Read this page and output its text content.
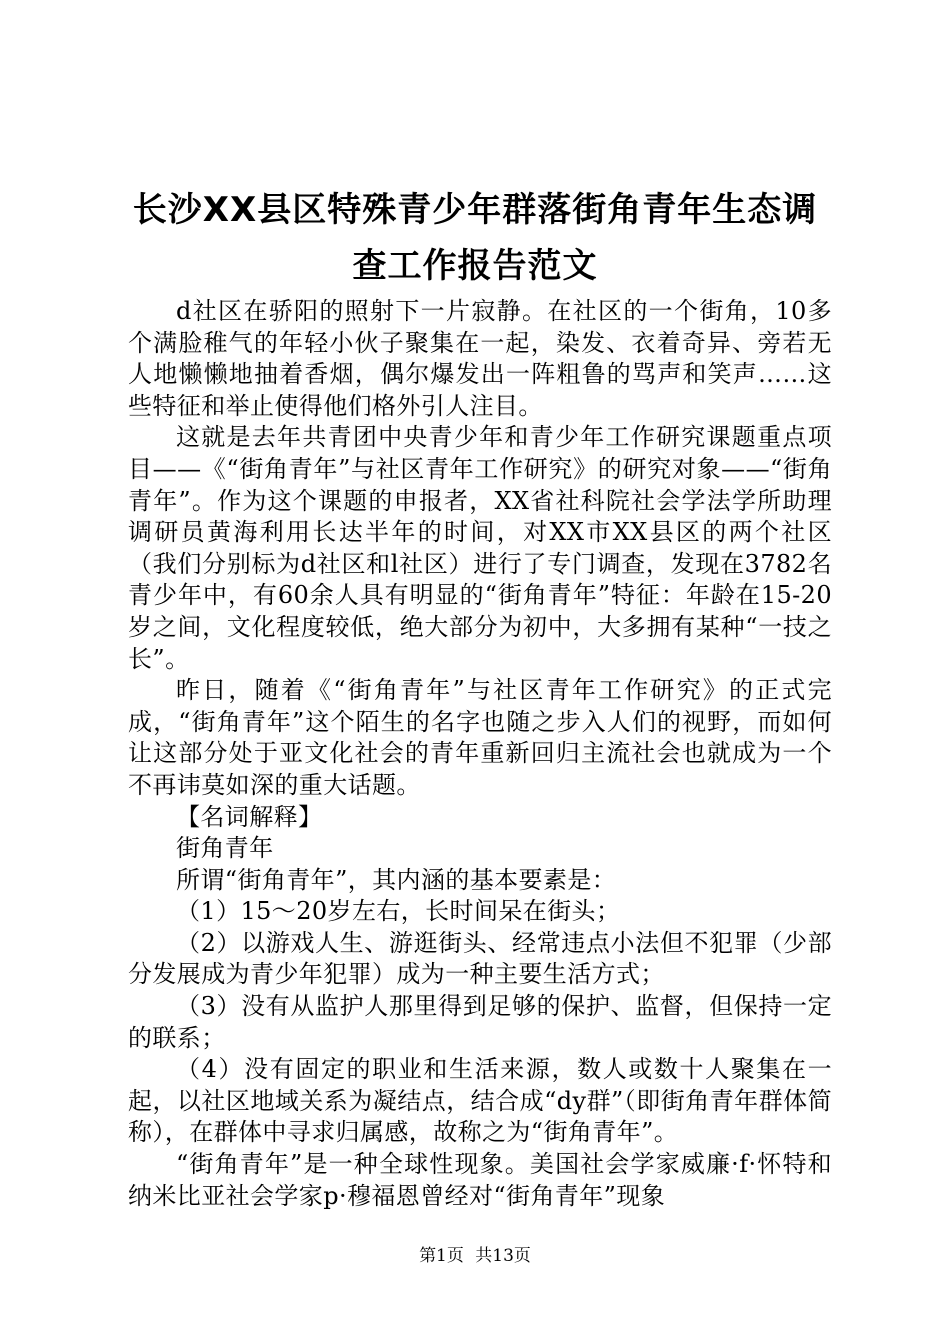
长沙XX县区特殊青少年群落街角青年生态调
查工作报告范文

d社区在骄阳的照射下一片寂静。在社区的一个街角，10多个满脸稚气的年轻小伙子聚集在一起，染发、衣着奇异、旁若无人地懒懒地抽着香烟，偶尔爆发出一阵粗鲁的骂声和笑声……这些特征和举止使得他们格外引人注目。

这就是去年共青团中央青少年和青少年工作研究课题重点项目——《“街角青年”与社区青年工作研究》的研究对象——“街角青年”。作为这个课题的申报者，XX省社科院社会学法学所助理调研员黄海利用长达半年的时间，对XX市XX县区的两个社区（我们分别标为d社区和l社区）进行了专门调查，发现在3782名青少年中，有60余人具有明显的“街角青年”特征：年龄在15-20岁之间，文化程度较低，绝大部分为初中，大多拥有某种“一技之长”。

昨日，随着《“街角青年”与社区青年工作研究》的正式完成，“街角青年”这个陌生的名字也随之步入人们的视野，而如何让这部分处于亚文化社会的青年重新回归主流社会也就成为一个不再讳莫如深的重大话题。

【名词解释】

街角青年

所谓“街角青年”，其内涵的基本要素是：

（1）15～20岁左右，长时间呆在街头；

（2）以游戏人生、游逛街头、经常违点小法但不犯罪（少部分发展成为青少年犯罪）成为一种主要生活方式；

（3）没有从监护人那里得到足够的保护、监督，但保持一定的联系；

（4）没有固定的职业和生活来源，数人或数十人聚集在一起，以社区地域关系为凝结点，结合成“dy群”（即街角青年群体简称），在群体中寻求归属感，故称之为“街角青年”。

“街角青年”是一种全球性现象。美国社会学家威廉·f·怀特和纳米比亚社会学家p·穆福恩曾经对“街角青年”现象

第1页 共13页
